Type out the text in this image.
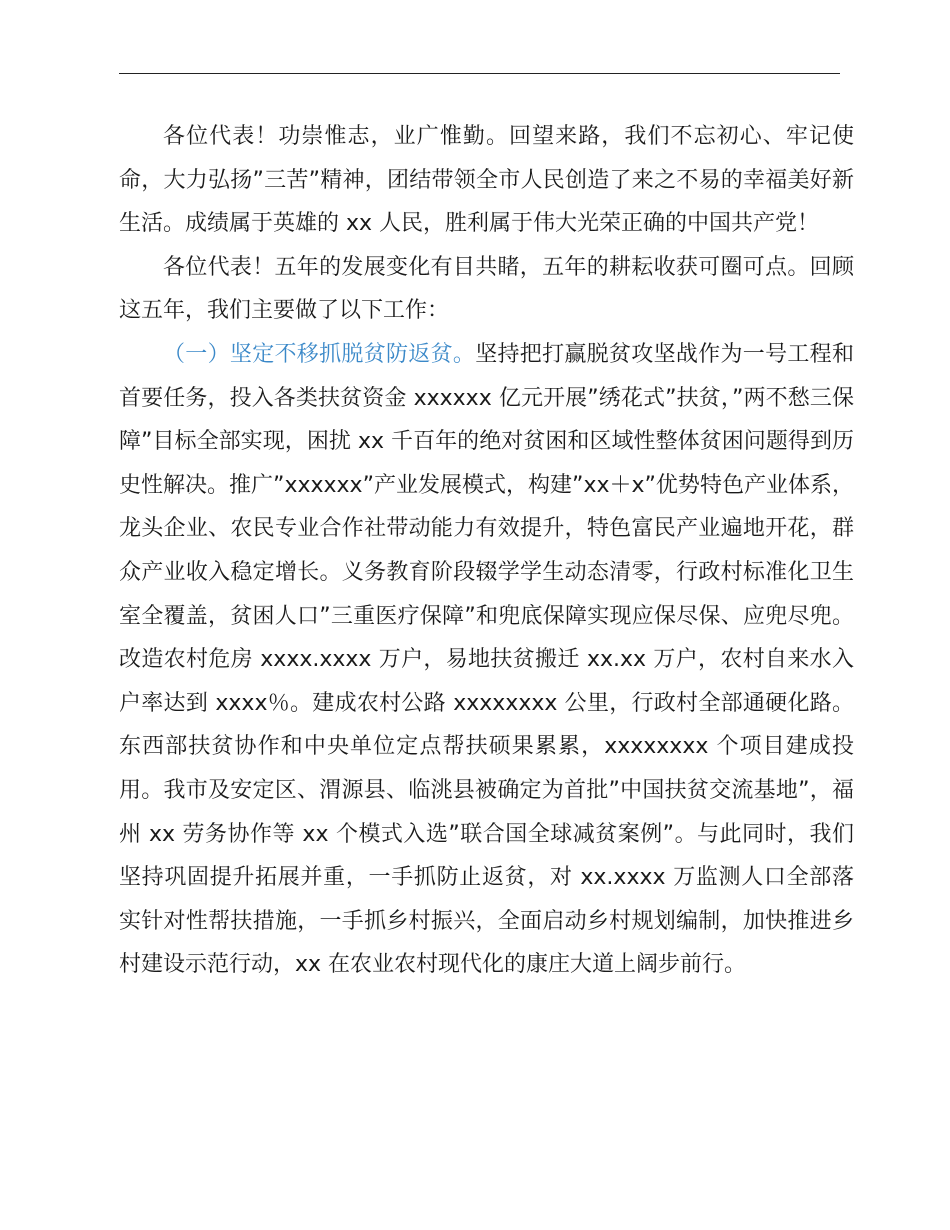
各位代表！功崇惟志，业广惟勤。回望来路，我们不忘初心、牢记使命，大力弘扬”三苦”精神，团结带领全市人民创造了来之不易的幸福美好新生活。成绩属于英雄的 xx 人民，胜利属于伟大光荣正确的中国共产党！

各位代表！五年的发展变化有目共睹，五年的耕耘收获可圈可点。回顾这五年，我们主要做了以下工作：

（一）坚定不移抓脱贫防返贫。坚持把打赢脱贫攻坚战作为一号工程和首要任务，投入各类扶贫资金 xxxxxx 亿元开展”绣花式”扶贫，”两不愁三保障”目标全部实现，困扰 xx 千百年的绝对贫困和区域性整体贫困问题得到历史性解决。推广”xxxxxx”产业发展模式，构建”xx＋x”优势特色产业体系，龙头企业、农民专业合作社带动能力有效提升，特色富民产业遍地开花，群众产业收入稳定增长。义务教育阶段辍学学生动态清零，行政村标准化卫生室全覆盖，贫困人口”三重医疗保障”和兜底保障实现应保尽保、应兜尽兜。改造农村危房 xxxx.xxxx 万户，易地扶贫搬迁 xx.xx 万户，农村自来水入户率达到 xxxx％。建成农村公路 xxxxxxxx 公里，行政村全部通硬化路。东西部扶贫协作和中央单位定点帮扶硕果累累，xxxxxxxx 个项目建成投用。我市及安定区、渭源县、临洮县被确定为首批”中国扶贫交流基地”，福州 xx 劳务协作等 xx 个模式入选”联合国全球减贫案例”。与此同时，我们坚持巩固提升拓展并重，一手抓防止返贫，对 xx.xxxx 万监测人口全部落实针对性帮扶措施，一手抓乡村振兴，全面启动乡村规划编制，加快推进乡村建设示范行动，xx 在农业农村现代化的康庄大道上阔步前行。
